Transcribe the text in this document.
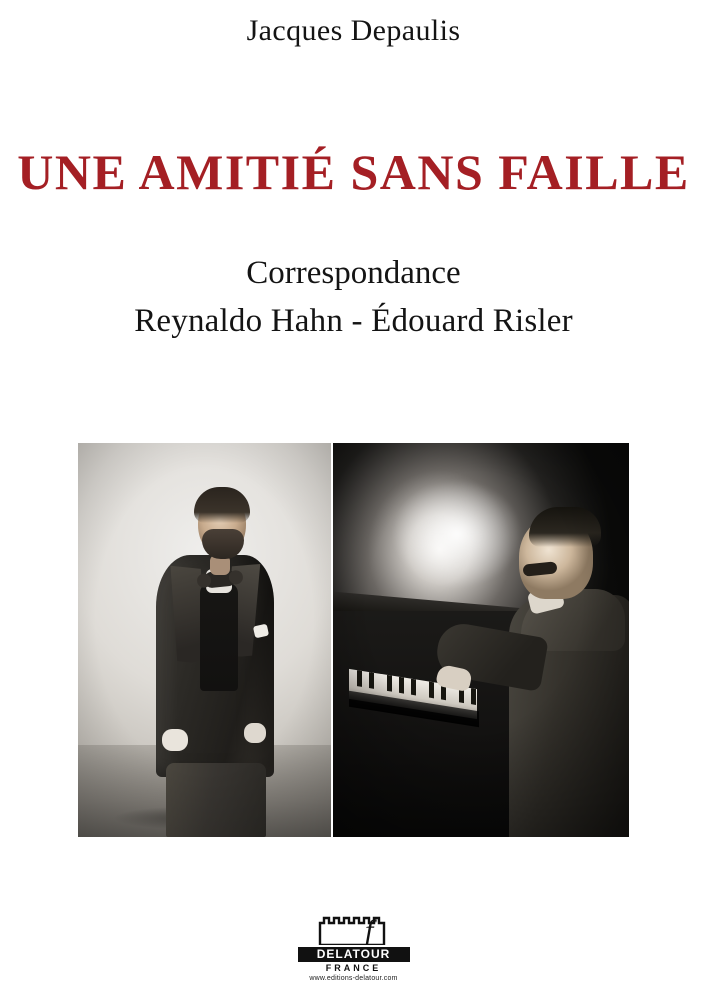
Jacques Depaulis
UNE AMITIÉ SANS FAILLE
Correspondance
Reynaldo Hahn - Édouard Risler
f
DELATOUR
FRANCE
www.editions-delatour.com
